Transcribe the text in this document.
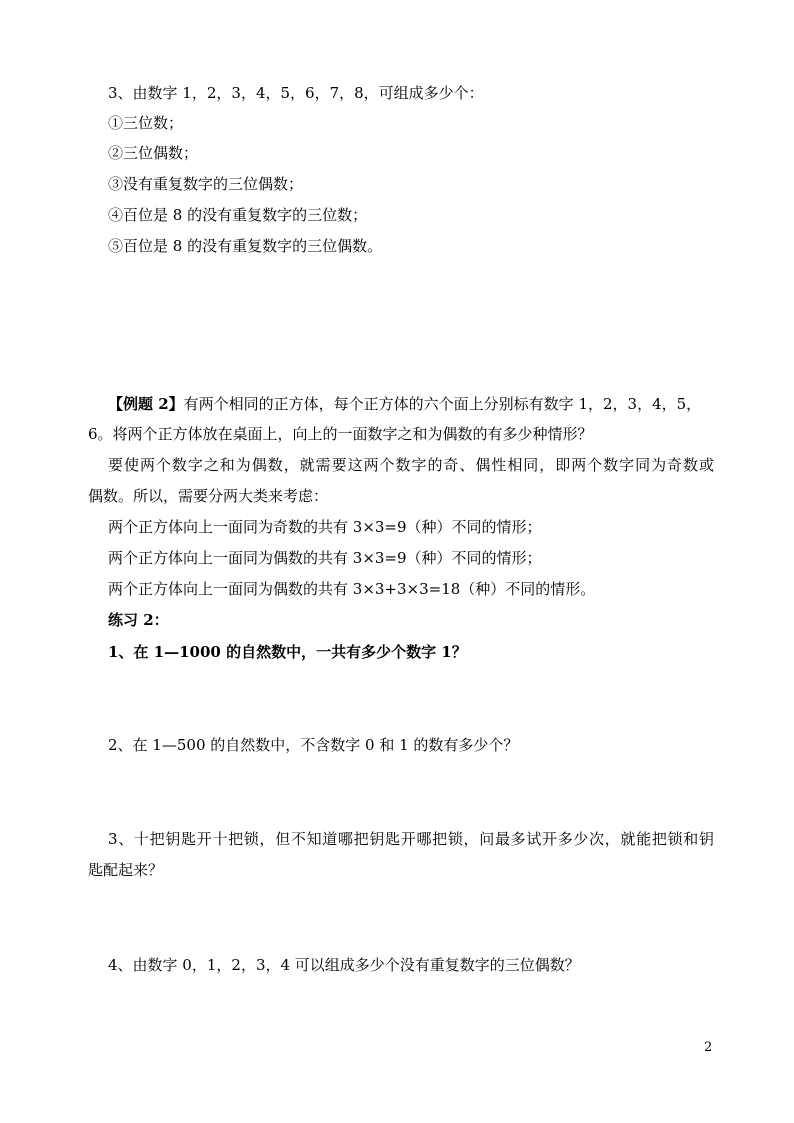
3、由数字 1，2，3，4，5，6，7，8，可组成多少个：

①三位数；

②三位偶数；

③没有重复数字的三位偶数；

④百位是 8 的没有重复数字的三位数；

⑤百位是 8 的没有重复数字的三位偶数。

【例题 2】有两个相同的正方体，每个正方体的六个面上分别标有数字 1，2，3，4，5，

6。将两个正方体放在桌面上，向上的一面数字之和为偶数的有多少种情形？

要使两个数字之和为偶数，就需要这两个数字的奇、偶性相同，即两个数字同为奇数或

偶数。所以，需要分两大类来考虑：

两个正方体向上一面同为奇数的共有 3×3=9（种）不同的情形；

两个正方体向上一面同为偶数的共有 3×3=9（种）不同的情形；

两个正方体向上一面同为偶数的共有 3×3+3×3=18（种）不同的情形。

练习 2：

1、在 1—1000 的自然数中，一共有多少个数字 1？

2、在 1—500 的自然数中，不含数字 0 和 1 的数有多少个？

3、十把钥匙开十把锁，但不知道哪把钥匙开哪把锁，问最多试开多少次，就能把锁和钥

匙配起来？

4、由数字 0，1，2，3，4 可以组成多少个没有重复数字的三位偶数？

2
